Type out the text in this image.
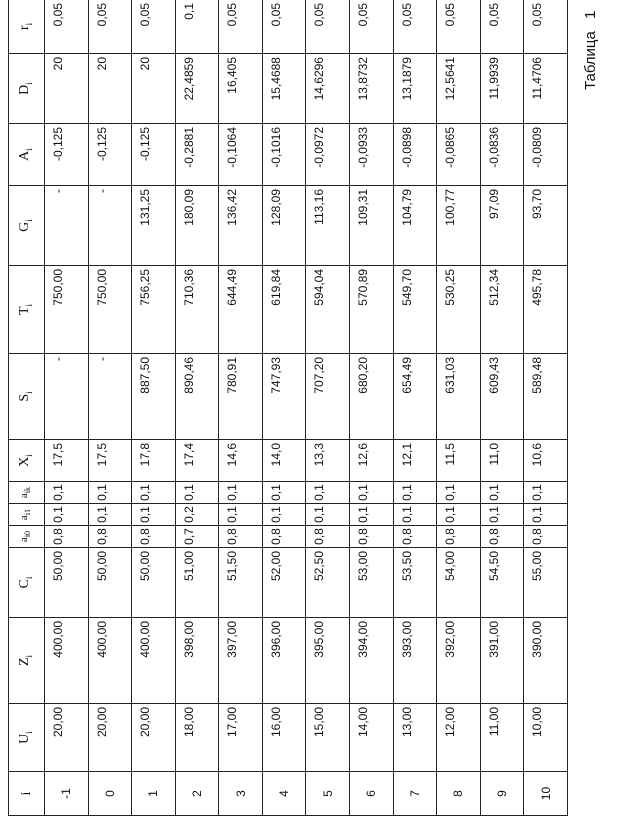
Таблица 1
i	$U_i$	$Z_i$	$C_i$	$a_{i0}$	$a_{i1}$	$a_{ik}$	$X_i$	$S_i$	$T_i$	$G_i$	$A_i$	$D_i$	$r_i$
-1	20,00	400,00	50,00	0,8	0,1	0,1	17,5	-	750,00	-	-0,125	20	0,05
0	20,00	400,00	50,00	0,8	0,1	0,1	17,5	-	750,00	-	-0,125	20	0,05
1	20,00	400,00	50,00	0,8	0,1	0,1	17,8	887,50	756,25	131,25	-0,125	20	0,05
2	18,00	398,00	51,00	0,7	0,2	0,1	17,4	890,46	710,36	180,09	-0,2881	22,4859	0,1
3	17,00	397,00	51,50	0,8	0,1	0,1	14,6	780,91	644,49	136,42	-0,1064	16,405	0,05
4	16,00	396,00	52,00	0,8	0,1	0,1	14,0	747,93	619,84	128,09	-0,1016	15,4688	0,05
5	15,00	395,00	52,50	0,8	0,1	0,1	13,3	707,20	594,04	113,16	-0,0972	14,6296	0,05
6	14,00	394,00	53,00	0,8	0,1	0,1	12,6	680,20	570,89	109,31	-0,0933	13,8732	0,05
7	13,00	393,00	53,50	0,8	0,1	0,1	12,1	654,49	549,70	104,79	-0,0898	13,1879	0,05
8	12,00	392,00	54,00	0,8	0,1	0,1	11,5	631,03	530,25	100,77	-0,0865	12,5641	0,05
9	11,00	391,00	54,50	0,8	0,1	0,1	11,0	609,43	512,34	97,09	-0,0836	11,9939	0,05
10	10,00	390,00	55,00	0,8	0,1	0,1	10,6	589,48	495,78	93,70	-0,0809	11,4706	0,05
